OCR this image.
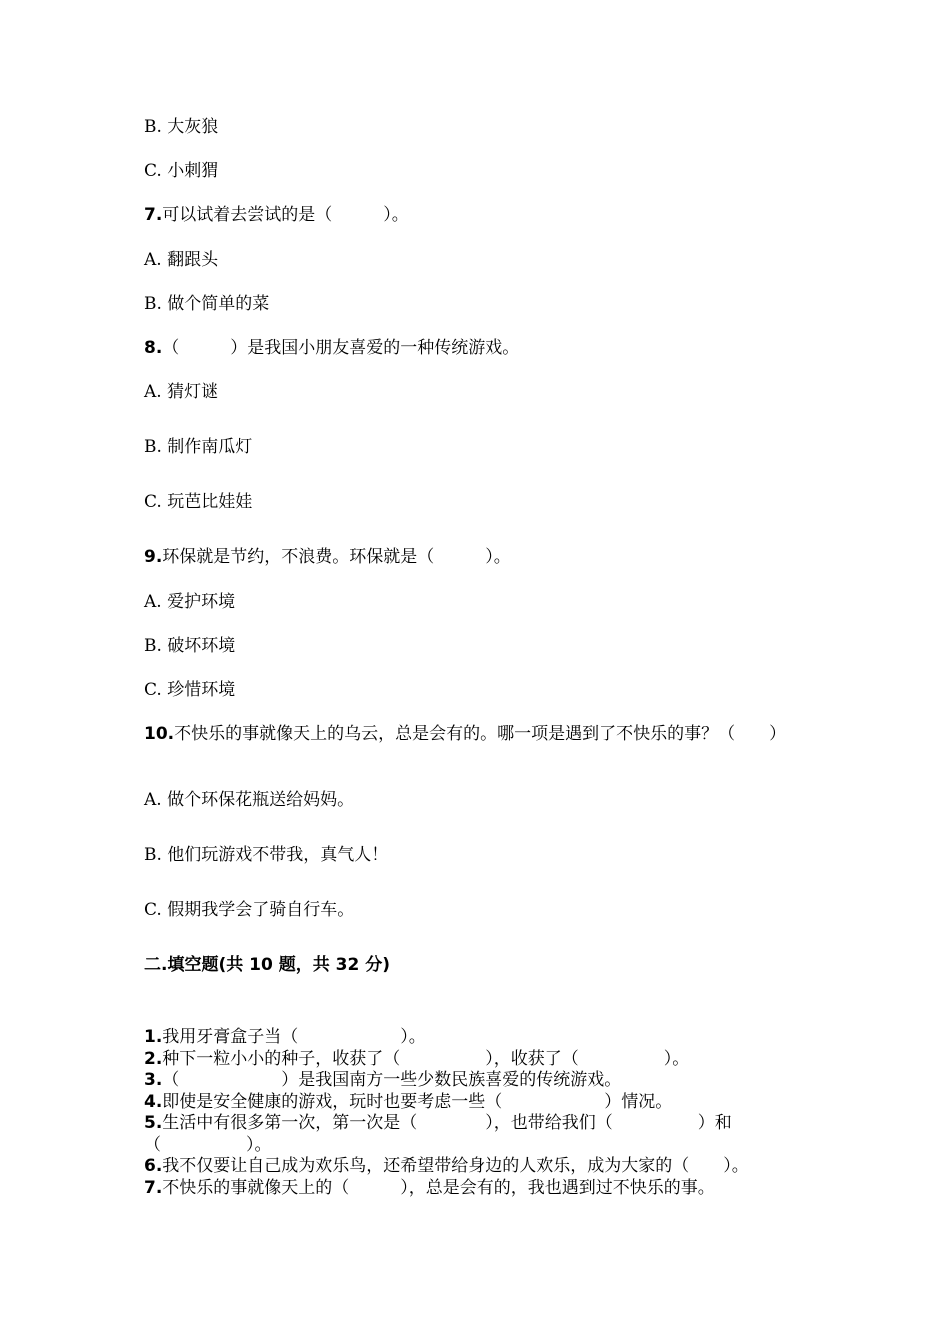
B. 大灰狼
C. 小刺猬
7.可以试着去尝试的是（　　　）。
A. 翻跟头
B. 做个简单的菜
8.（　　　）是我国小朋友喜爱的一种传统游戏。
A. 猜灯谜
B. 制作南瓜灯
C. 玩芭比娃娃
9.环保就是节约，不浪费。环保就是（　　　）。
A. 爱护环境
B. 破坏环境
C. 珍惜环境
10.不快乐的事就像天上的乌云，总是会有的。哪一项是遇到了不快乐的事？（　　）
A. 做个环保花瓶送给妈妈。
B. 他们玩游戏不带我，真气人！
C. 假期我学会了骑自行车。
二.填空题(共 10 题，共 32 分)
1.我用牙膏盒子当（　　　　　　）。
2.种下一粒小小的种子，收获了（　　　　　），收获了（　　　　　）。
3.（　　　　　　）是我国南方一些少数民族喜爱的传统游戏。
4.即使是安全健康的游戏，玩时也要考虑一些（　　　　　　）情况。
5.生活中有很多第一次，第一次是（　　　　），也带给我们（　　　　　）和（　　　　　）。
6.我不仅要让自己成为欢乐鸟，还希望带给身边的人欢乐，成为大家的（　　）。
7.不快乐的事就像天上的（　　　），总是会有的，我也遇到过不快乐的事。
